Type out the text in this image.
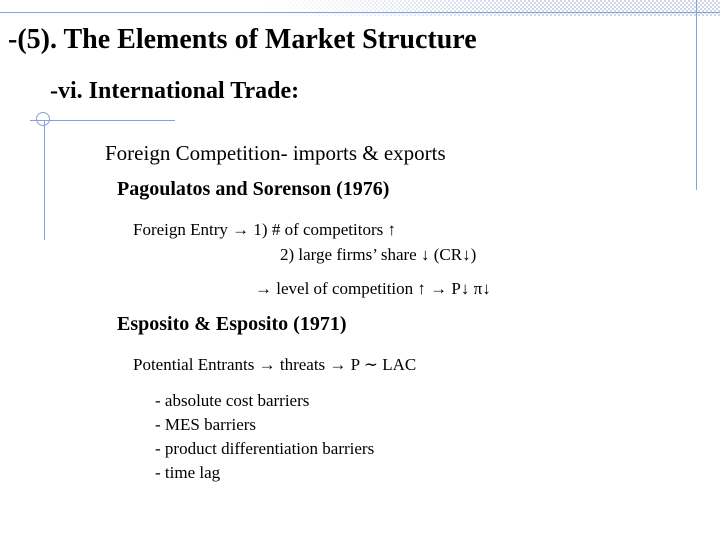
-(5). The Elements of Market Structure
-vi. International Trade:
Foreign Competition- imports & exports
Pagoulatos and Sorenson (1976)
Foreign Entry → 1) # of competitors ↑
2) large firms’ share ↓ (CR↓)
→ level of competition ↑ → P↓ π↓
Esposito & Esposito (1971)
Potential Entrants → threats → P ∼ LAC
- absolute cost barriers
- MES barriers
- product differentiation barriers
- time lag
